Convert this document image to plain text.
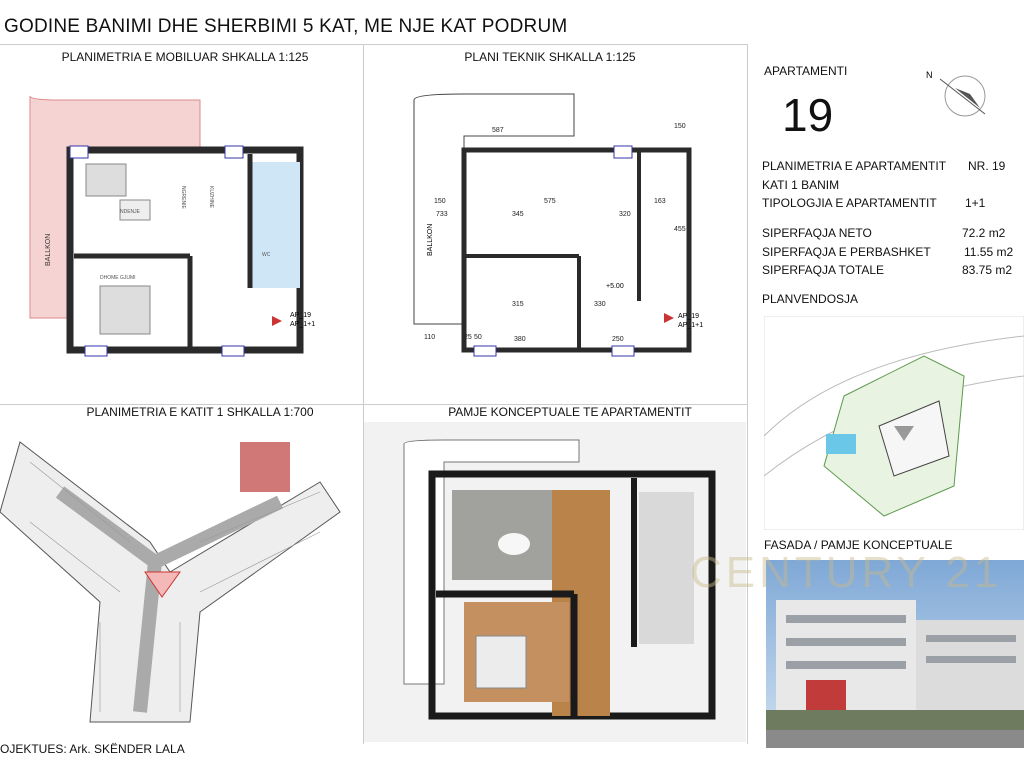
GODINE BANIMI DHE SHERBIMI 5 KAT, ME NJE KAT PODRUM
PLANIMETRIA E MOBILUAR SHKALLA 1:125	PLANI TEKNIK SHKALLA 1:125
PLANIMETRIA E KATIT 1 SHKALLA 1:700	PAMJE KONCEPTUALE TE APARTAMENTIT
BALLKON
NDENJE
DHOME GJUMI
WC
KUZHINE
NGRENIE
AP_19
AP_1+1
BALLKON
587
150
575	163
345	320
733
315
380
330
250
455
150
110	25 50
+5.00
AP_19
AP_1+1
APARTAMENTI
19
N
PLANIMETRIA E APARTAMENTIT NR. 19
KATI 1 BANIM
TIPOLOGJIA E APARTAMENTIT 1+1
SIPERFAQJA NETO	72.2 m2
SIPERFAQJA E PERBASHKET	11.55 m2
SIPERFAQJA TOTALE	83.75 m2
PLANVENDOSJA
FASADA / PAMJE KONCEPTUALE
CENTURY 21
OJEKTUES: Ark. SKËNDER LALA
